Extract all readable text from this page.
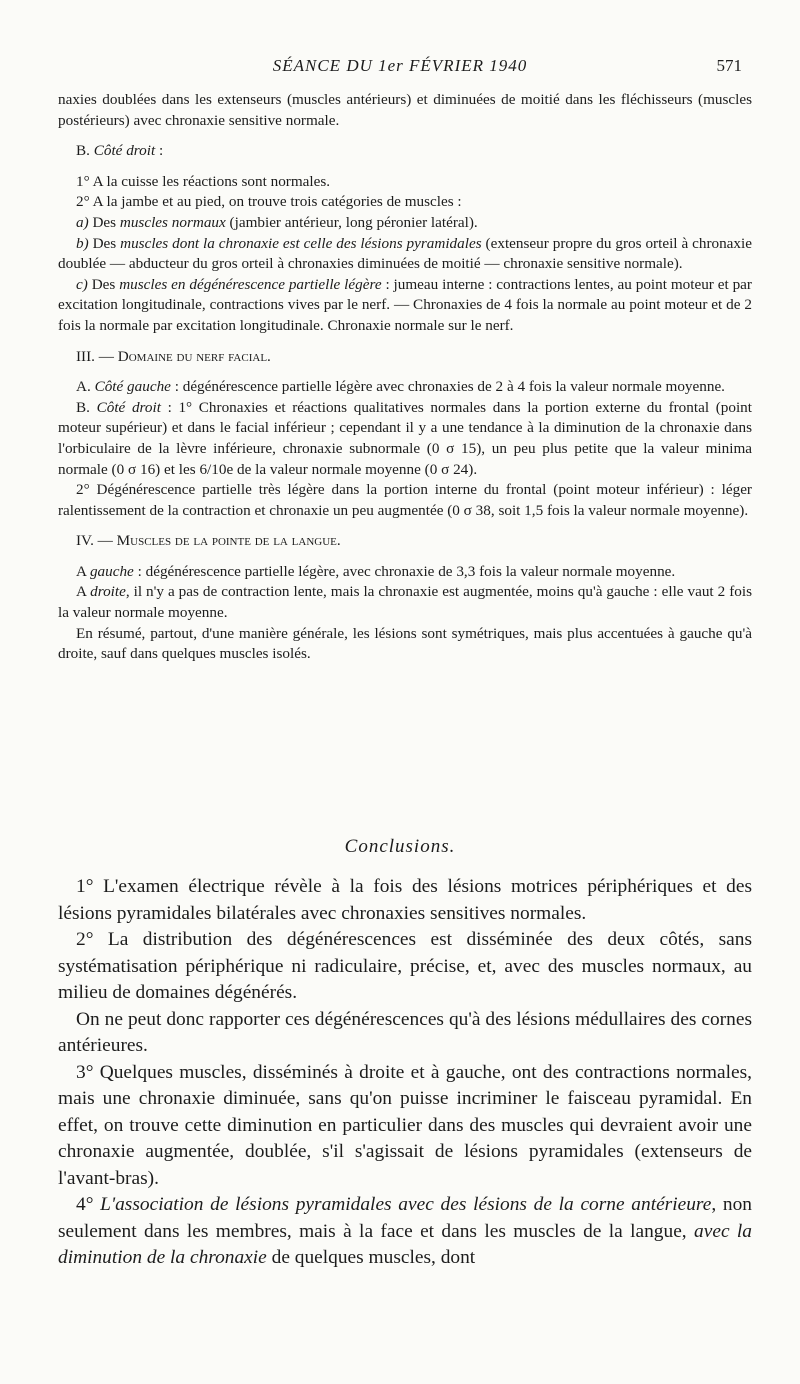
SÉANCE DU 1er FÉVRIER 1940	571

naxies doublées dans les extenseurs (muscles antérieurs) et diminuées de moitié dans les fléchisseurs (muscles postérieurs) avec chronaxie sensitive normale.

B. Côté droit :

1° A la cuisse les réactions sont normales.

2° A la jambe et au pied, on trouve trois catégories de muscles :

a) Des muscles normaux (jambier antérieur, long péronier latéral).

b) Des muscles dont la chronaxie est celle des lésions pyramidales (extenseur propre du gros orteil à chronaxie doublée — abducteur du gros orteil à chronaxies diminuées de moitié — chronaxie sensitive normale).

c) Des muscles en dégénérescence partielle légère : jumeau interne : contractions lentes, au point moteur et par excitation longitudinale, contractions vives par le nerf. — Chronaxies de 4 fois la normale au point moteur et de 2 fois la normale par excitation longitudinale. Chronaxie normale sur le nerf.

III. — Domaine du nerf facial.

A. Côté gauche : dégénérescence partielle légère avec chronaxies de 2 à 4 fois la valeur normale moyenne.

B. Côté droit : 1° Chronaxies et réactions qualitatives normales dans la portion externe du frontal (point moteur supérieur) et dans le facial inférieur ; cependant il y a une tendance à la diminution de la chronaxie dans l'orbiculaire de la lèvre inférieure, chronaxie subnormale (0 σ 15), un peu plus petite que la valeur minima normale (0 σ 16) et les 6/10e de la valeur normale moyenne (0 σ 24).

2° Dégénérescence partielle très légère dans la portion interne du frontal (point moteur inférieur) : léger ralentissement de la contraction et chronaxie un peu augmentée (0 σ 38, soit 1,5 fois la valeur normale moyenne).

IV. — Muscles de la pointe de la langue.

A gauche : dégénérescence partielle légère, avec chronaxie de 3,3 fois la valeur normale moyenne.

A droite, il n'y a pas de contraction lente, mais la chronaxie est augmentée, moins qu'à gauche : elle vaut 2 fois la valeur normale moyenne.

En résumé, partout, d'une manière générale, les lésions sont symétriques, mais plus accentuées à gauche qu'à droite, sauf dans quelques muscles isolés.

Conclusions.

1° L'examen électrique révèle à la fois des lésions motrices périphériques et des lésions pyramidales bilatérales avec chronaxies sensitives normales.

2° La distribution des dégénérescences est disséminée des deux côtés, sans systématisation périphérique ni radiculaire, précise, et, avec des muscles normaux, au milieu de domaines dégénérés.

On ne peut donc rapporter ces dégénérescences qu'à des lésions médullaires des cornes antérieures.

3° Quelques muscles, disséminés à droite et à gauche, ont des contractions normales, mais une chronaxie diminuée, sans qu'on puisse incriminer le faisceau pyramidal. En effet, on trouve cette diminution en particulier dans des muscles qui devraient avoir une chronaxie augmentée, doublée, s'il s'agissait de lésions pyramidales (extenseurs de l'avant-bras).

4° L'association de lésions pyramidales avec des lésions de la corne antérieure, non seulement dans les membres, mais à la face et dans les muscles de la langue, avec la diminution de la chronaxie de quelques muscles, dont
